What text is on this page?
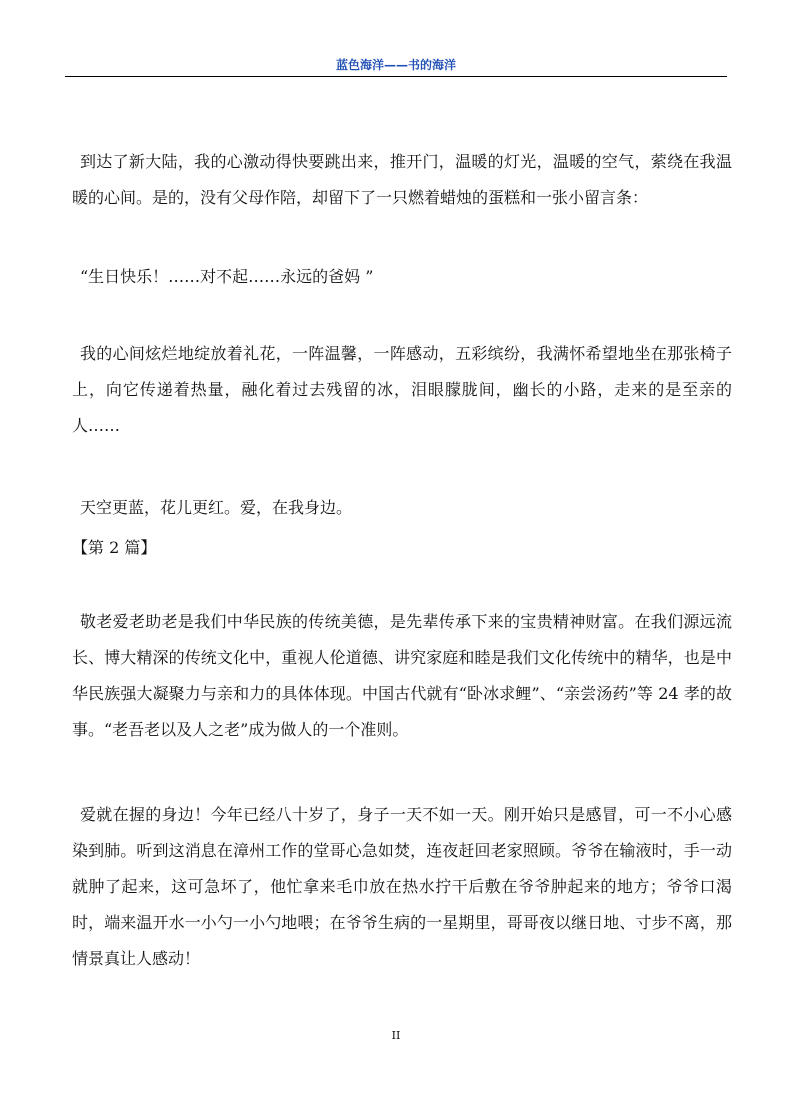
蓝色海洋——书的海洋

到达了新大陆，我的心激动得快要跳出来，推开门，温暖的灯光，温暖的空气，萦绕在我温暖的心间。是的，没有父母作陪，却留下了一只燃着蜡烛的蛋糕和一张小留言条：

“生日快乐！……对不起……永远的爸妈 ”

我的心间炫烂地绽放着礼花，一阵温馨，一阵感动，五彩缤纷，我满怀希望地坐在那张椅子上，向它传递着热量，融化着过去残留的冰，泪眼朦胧间，幽长的小路，走来的是至亲的人……

天空更蓝，花儿更红。爱，在我身边。

【第 2 篇】

敬老爱老助老是我们中华民族的传统美德，是先辈传承下来的宝贵精神财富。在我们源远流长、博大精深的传统文化中，重视人伦道德、讲究家庭和睦是我们文化传统中的精华，也是中华民族强大凝聚力与亲和力的具体体现。中国古代就有“卧冰求鲤”、“亲尝汤药”等 24 孝的故事。“老吾老以及人之老”成为做人的一个准则。

爱就在握的身边！今年已经八十岁了，身子一天不如一天。刚开始只是感冒，可一不小心感染到肺。听到这消息在漳州工作的堂哥心急如焚，连夜赶回老家照顾。爷爷在输液时，手一动就肿了起来，这可急坏了，他忙拿来毛巾放在热水拧干后敷在爷爷肿起来的地方；爷爷口渴时，端来温开水一小勺一小勺地喂；在爷爷生病的一星期里，哥哥夜以继日地、寸步不离，那情景真让人感动！

II
